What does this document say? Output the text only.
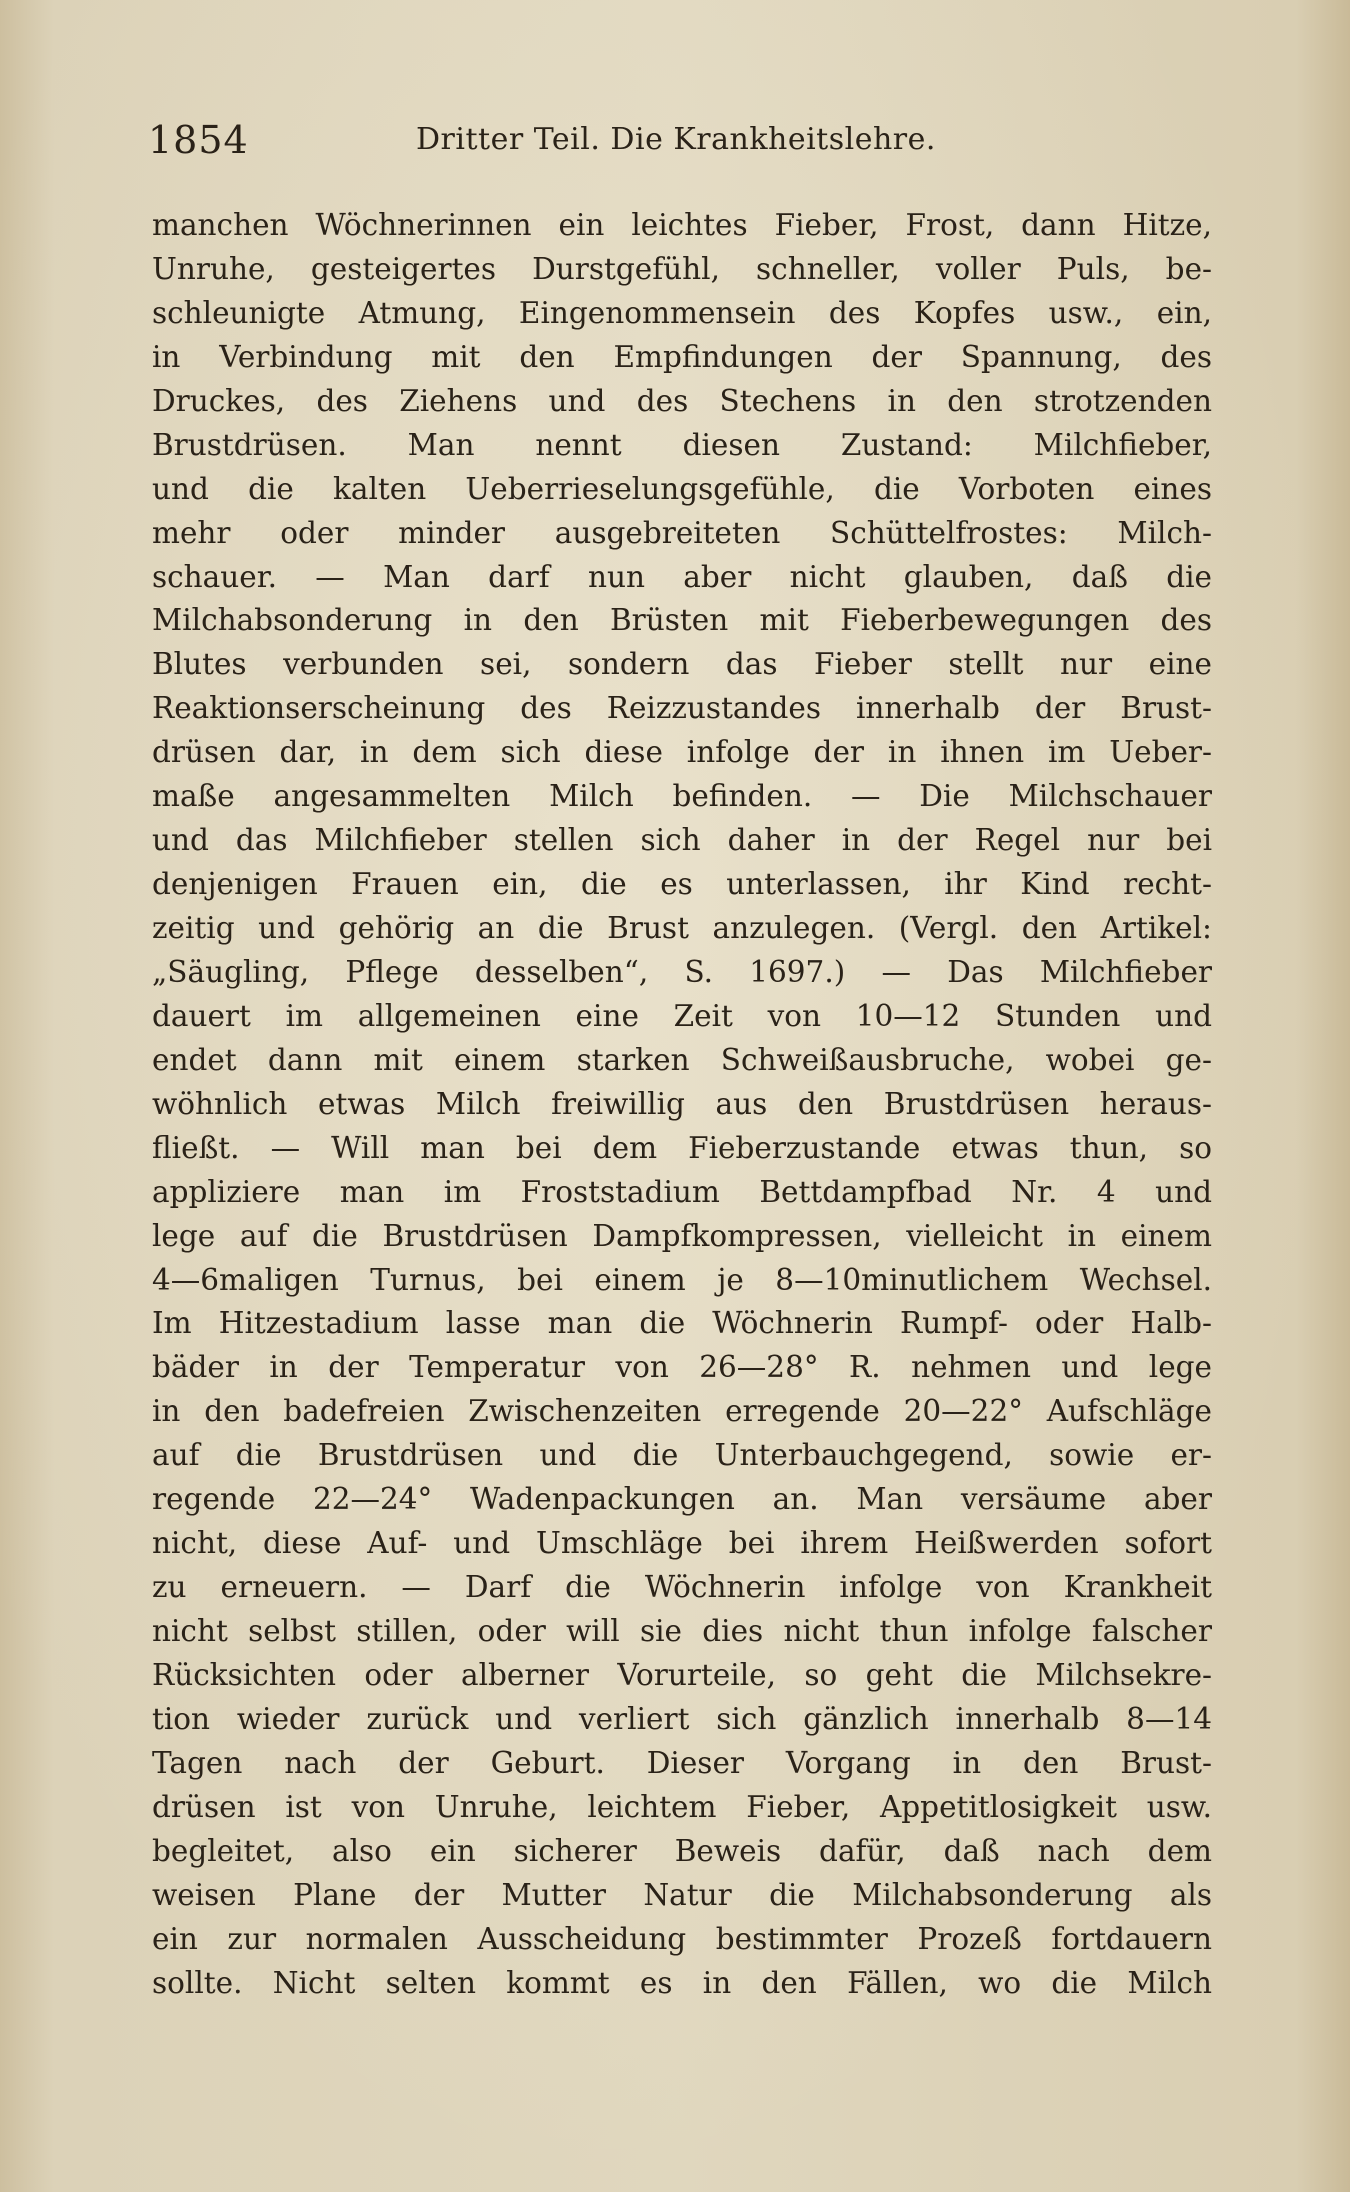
1854	Dritter Teil. Die Krankheitslehre.
manchen Wöchnerinnen ein leichtes Fieber, Frost, dann Hitze,
Unruhe, gesteigertes Durstgefühl, schneller, voller Puls, be-
schleunigte Atmung, Eingenommensein des Kopfes usw., ein,
in Verbindung mit den Empfindungen der Spannung, des
Druckes, des Ziehens und des Stechens in den strotzenden
Brustdrüsen. Man nennt diesen Zustand: Milchfieber,
und die kalten Ueberrieselungsgefühle, die Vorboten eines
mehr oder minder ausgebreiteten Schüttelfrostes: Milch-
schauer. — Man darf nun aber nicht glauben, daß die
Milchabsonderung in den Brüsten mit Fieberbewegungen des
Blutes verbunden sei, sondern das Fieber stellt nur eine
Reaktionserscheinung des Reizzustandes innerhalb der Brust-
drüsen dar, in dem sich diese infolge der in ihnen im Ueber-
maße angesammelten Milch befinden. — Die Milchschauer
und das Milchfieber stellen sich daher in der Regel nur bei
denjenigen Frauen ein, die es unterlassen, ihr Kind recht-
zeitig und gehörig an die Brust anzulegen. (Vergl. den Artikel:
„Säugling, Pflege desselben“, S. 1697.) — Das Milchfieber
dauert im allgemeinen eine Zeit von 10—12 Stunden und
endet dann mit einem starken Schweißausbruche, wobei ge-
wöhnlich etwas Milch freiwillig aus den Brustdrüsen heraus-
fließt. — Will man bei dem Fieberzustande etwas thun, so
appliziere man im Froststadium Bettdampfbad Nr. 4 und
lege auf die Brustdrüsen Dampfkompressen, vielleicht in einem
4—6maligen Turnus, bei einem je 8—10minutlichem Wechsel.
Im Hitzestadium lasse man die Wöchnerin Rumpf- oder Halb-
bäder in der Temperatur von 26—28° R. nehmen und lege
in den badefreien Zwischenzeiten erregende 20—22° Aufschläge
auf die Brustdrüsen und die Unterbauchgegend, sowie er-
regende 22—24° Wadenpackungen an. Man versäume aber
nicht, diese Auf- und Umschläge bei ihrem Heißwerden sofort
zu erneuern. — Darf die Wöchnerin infolge von Krankheit
nicht selbst stillen, oder will sie dies nicht thun infolge falscher
Rücksichten oder alberner Vorurteile, so geht die Milchsekre-
tion wieder zurück und verliert sich gänzlich innerhalb 8—14
Tagen nach der Geburt. Dieser Vorgang in den Brust-
drüsen ist von Unruhe, leichtem Fieber, Appetitlosigkeit usw.
begleitet, also ein sicherer Beweis dafür, daß nach dem
weisen Plane der Mutter Natur die Milchabsonderung als
ein zur normalen Ausscheidung bestimmter Prozeß fortdauern
sollte. Nicht selten kommt es in den Fällen, wo die Milch
